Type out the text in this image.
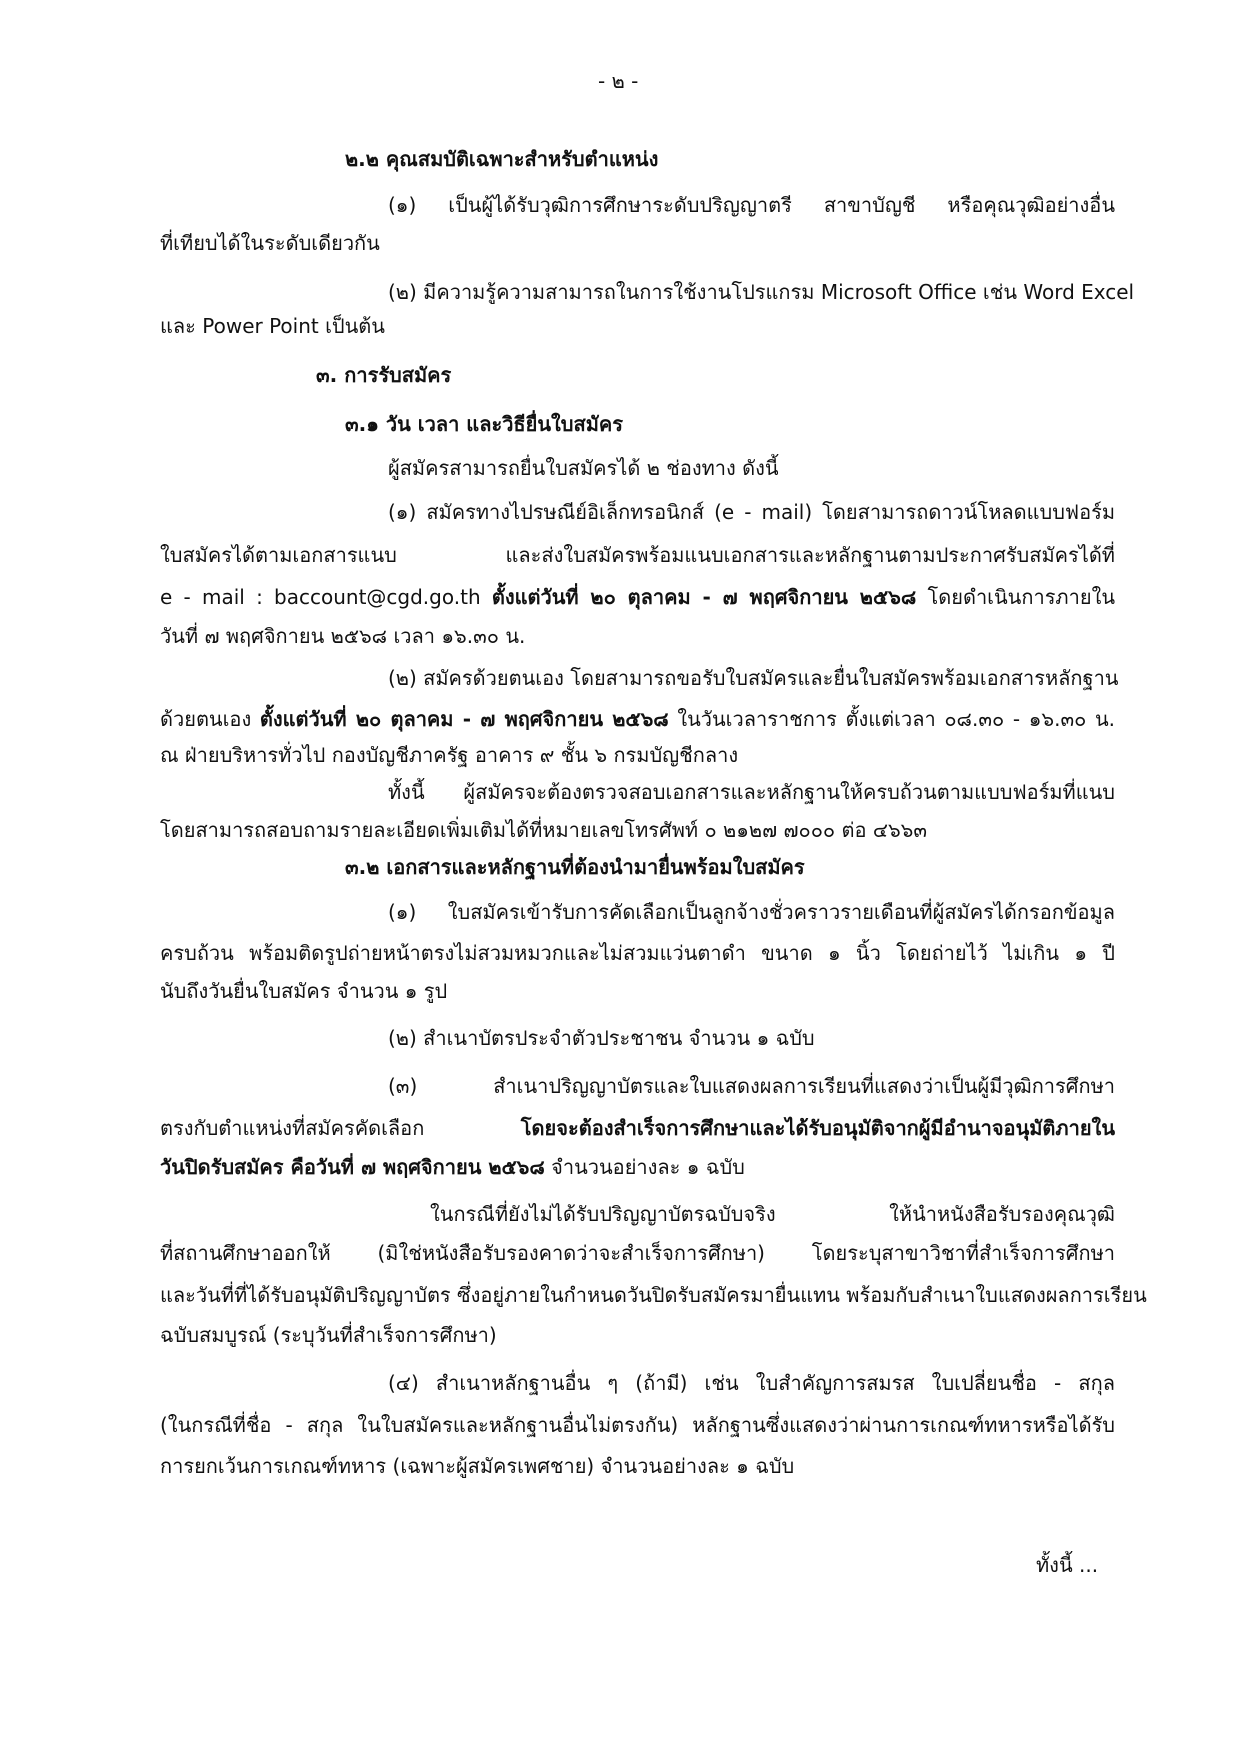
- ๒ -
๒.๒ คุณสมบัติเฉพาะสำหรับตำแหน่ง
(๑) เป็นผู้ได้รับวุฒิการศึกษาระดับปริญญาตรี สาขาบัญชี หรือคุณวุฒิอย่างอื่น
ที่เทียบได้ในระดับเดียวกัน
(๒) มีความรู้ความสามารถในการใช้งานโปรแกรม Microsoft Office เช่น Word Excel
และ Power Point เป็นต้น
๓. การรับสมัคร
๓.๑ วัน เวลา และวิธียื่นใบสมัคร
ผู้สมัครสามารถยื่นใบสมัครได้ ๒ ช่องทาง ดังนี้
(๑) สมัครทางไปรษณีย์อิเล็กทรอนิกส์ (e - mail) โดยสามารถดาวน์โหลดแบบฟอร์ม
ใบสมัครได้ตามเอกสารแนบ และส่งใบสมัครพร้อมแนบเอกสารและหลักฐานตามประกาศรับสมัครได้ที่
e - mail : baccount@cgd.go.th ตั้งแต่วันที่ ๒๐ ตุลาคม - ๗ พฤศจิกายน ๒๕๖๘ โดยดำเนินการภายใน
วันที่ ๗ พฤศจิกายน ๒๕๖๘ เวลา ๑๖.๓๐ น.
(๒) สมัครด้วยตนเอง โดยสามารถขอรับใบสมัครและยื่นใบสมัครพร้อมเอกสารหลักฐาน
ด้วยตนเอง ตั้งแต่วันที่ ๒๐ ตุลาคม - ๗ พฤศจิกายน ๒๕๖๘ ในวันเวลาราชการ ตั้งแต่เวลา ๐๘.๓๐ - ๑๖.๓๐ น.
ณ ฝ่ายบริหารทั่วไป กองบัญชีภาครัฐ อาคาร ๙ ชั้น ๖ กรมบัญชีกลาง
ทั้งนี้ ผู้สมัครจะต้องตรวจสอบเอกสารและหลักฐานให้ครบถ้วนตามแบบฟอร์มที่แนบ
โดยสามารถสอบถามรายละเอียดเพิ่มเติมได้ที่หมายเลขโทรศัพท์ ๐ ๒๑๒๗ ๗๐๐๐ ต่อ ๔๖๖๓
๓.๒ เอกสารและหลักฐานที่ต้องนำมายื่นพร้อมใบสมัคร
(๑) ใบสมัครเข้ารับการคัดเลือกเป็นลูกจ้างชั่วคราวรายเดือนที่ผู้สมัครได้กรอกข้อมูล
ครบถ้วน พร้อมติดรูปถ่ายหน้าตรงไม่สวมหมวกและไม่สวมแว่นตาดำ ขนาด ๑ นิ้ว โดยถ่ายไว้ ไม่เกิน ๑ ปี
นับถึงวันยื่นใบสมัคร จำนวน ๑ รูป
(๒) สำเนาบัตรประจำตัวประชาชน จำนวน ๑ ฉบับ
(๓) สำเนาปริญญาบัตรและใบแสดงผลการเรียนที่แสดงว่าเป็นผู้มีวุฒิการศึกษา
ตรงกับตำแหน่งที่สมัครคัดเลือก	โดยจะต้องสำเร็จการศึกษาและได้รับอนุมัติจากผู้มีอำนาจอนุมัติภายใน
วันปิดรับสมัคร คือวันที่ ๗ พฤศจิกายน ๒๕๖๘ จำนวนอย่างละ ๑ ฉบับ
ในกรณีที่ยังไม่ได้รับปริญญาบัตรฉบับจริง ให้นำหนังสือรับรองคุณวุฒิ
ที่สถานศึกษาออกให้ (มิใช่หนังสือรับรองคาดว่าจะสำเร็จการศึกษา) โดยระบุสาขาวิชาที่สำเร็จการศึกษา
และวันที่ที่ได้รับอนุมัติปริญญาบัตร ซึ่งอยู่ภายในกำหนดวันปิดรับสมัครมายื่นแทน พร้อมกับสำเนาใบแสดงผลการเรียน
ฉบับสมบูรณ์ (ระบุวันที่สำเร็จการศึกษา)
(๔) สำเนาหลักฐานอื่น ๆ (ถ้ามี) เช่น ใบสำคัญการสมรส ใบเปลี่ยนชื่อ - สกุล
(ในกรณีที่ชื่อ - สกุล ในใบสมัครและหลักฐานอื่นไม่ตรงกัน) หลักฐานซึ่งแสดงว่าผ่านการเกณฑ์ทหารหรือได้รับ
การยกเว้นการเกณฑ์ทหาร (เฉพาะผู้สมัครเพศชาย) จำนวนอย่างละ ๑ ฉบับ
ทั้งนี้ ...
